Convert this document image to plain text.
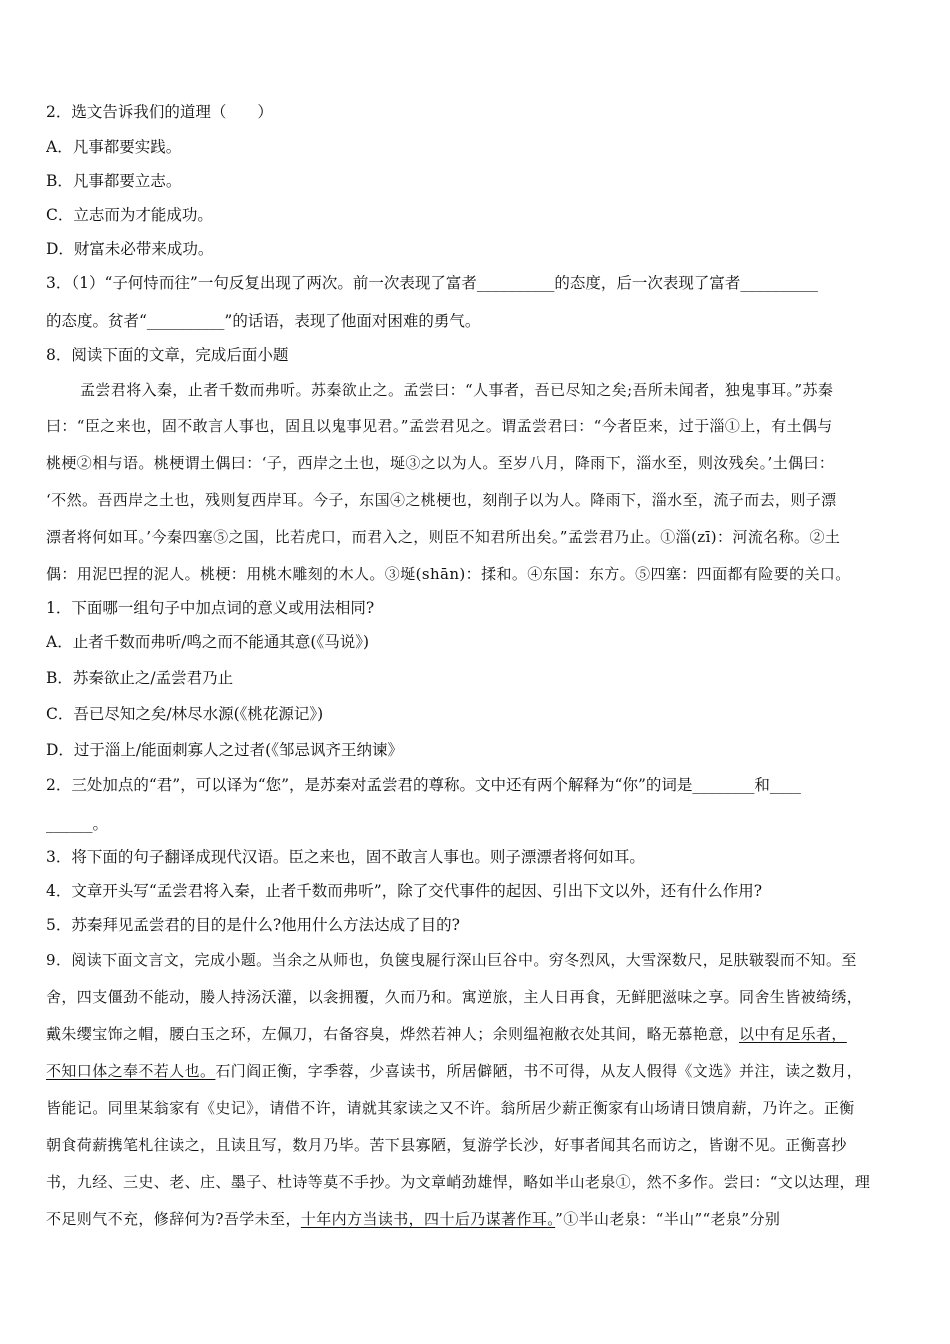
2．选文告诉我们的道理（　　）
A．凡事都要实践。
B．凡事都要立志。
C．立志而为才能成功。
D．财富未必带来成功。
3．（1）“子何恃而往”一句反复出现了两次。前一次表现了富者__________的态度，后一次表现了富者__________
的态度。贫者“__________”的话语，表现了他面对困难的勇气。
8．阅读下面的文章，完成后面小题
孟尝君将入秦，止者千数而弗听。苏秦欲止之。孟尝曰：“人事者，吾已尽知之矣;吾所未闻者，独鬼事耳。”苏秦
曰：“臣之来也，固不敢言人事也，固且以鬼事见君。”孟尝君见之。谓孟尝君曰：“今者臣来，过于淄①上，有土偶与
桃梗②相与语。桃梗谓土偶曰：‘子，西岸之土也，埏③之以为人。至岁八月，降雨下，淄水至，则汝残矣。’土偶曰：
‘不然。吾西岸之土也，残则复西岸耳。今子，东国④之桃梗也，刻削子以为人。降雨下，淄水至，流子而去，则子漂
漂者将何如耳。’今秦四塞⑤之国，比若虎口，而君入之，则臣不知君所出矣。”孟尝君乃止。①淄(zī)：河流名称。②土
偶：用泥巴捏的泥人。桃梗：用桃木雕刻的木人。③埏(shān)：揉和。④东国：东方。⑤四塞：四面都有险要的关口。
1．下面哪一组句子中加点词的意义或用法相同?
A．止者千数而弗听/鸣之而不能通其意(《马说》)
B．苏秦欲止之/孟尝君乃止
C．吾已尽知之矣/林尽水源(《桃花源记》)
D．过于淄上/能面刺寡人之过者(《邹忌讽齐王纳谏》
2．三处加点的“君”，可以译为“您”，是苏秦对孟尝君的尊称。文中还有两个解释为“你”的词是________和____
______。
3．将下面的句子翻译成现代汉语。臣之来也，固不敢言人事也。则子漂漂者将何如耳。
4．文章开头写“孟尝君将入秦，止者千数而弗听”，除了交代事件的起因、引出下文以外，还有什么作用?
5．苏秦拜见孟尝君的目的是什么?他用什么方法达成了目的?
9．阅读下面文言文，完成小题。当余之从师也，负箧曳屣行深山巨谷中。穷冬烈风，大雪深数尺，足肤皲裂而不知。至
舍，四支僵劲不能动，媵人持汤沃灌，以衾拥覆，久而乃和。寓逆旅，主人日再食，无鲜肥滋味之享。同舍生皆被绮绣，
戴朱缨宝饰之帽，腰白玉之环，左佩刀，右备容臭，烨然若神人；余则缊袍敝衣处其间，略无慕艳意，以中有足乐者，
不知口体之奉不若人也。石门阎正衡，字季蓉，少喜读书，所居僻陋，书不可得，从友人假得《文选》并注，读之数月，
皆能记。同里某翁家有《史记》，请借不许，请就其家读之又不许。翁所居少薪正衡家有山场请日馈肩薪，乃许之。正衡
朝食荷薪携笔札往读之，且读且写，数月乃毕。苦下县寡陋，复游学长沙，好事者闻其名而访之，皆谢不见。正衡喜抄
书，九经、三史、老、庄、墨子、杜诗等莫不手抄。为文章峭劲雄悍，略如半山老泉①，然不多作。尝曰：“文以达理，理
不足则气不充，修辞何为?吾学未至，十年内方当读书，四十后乃谋著作耳。”①半山老泉：“半山”“老泉”分别
